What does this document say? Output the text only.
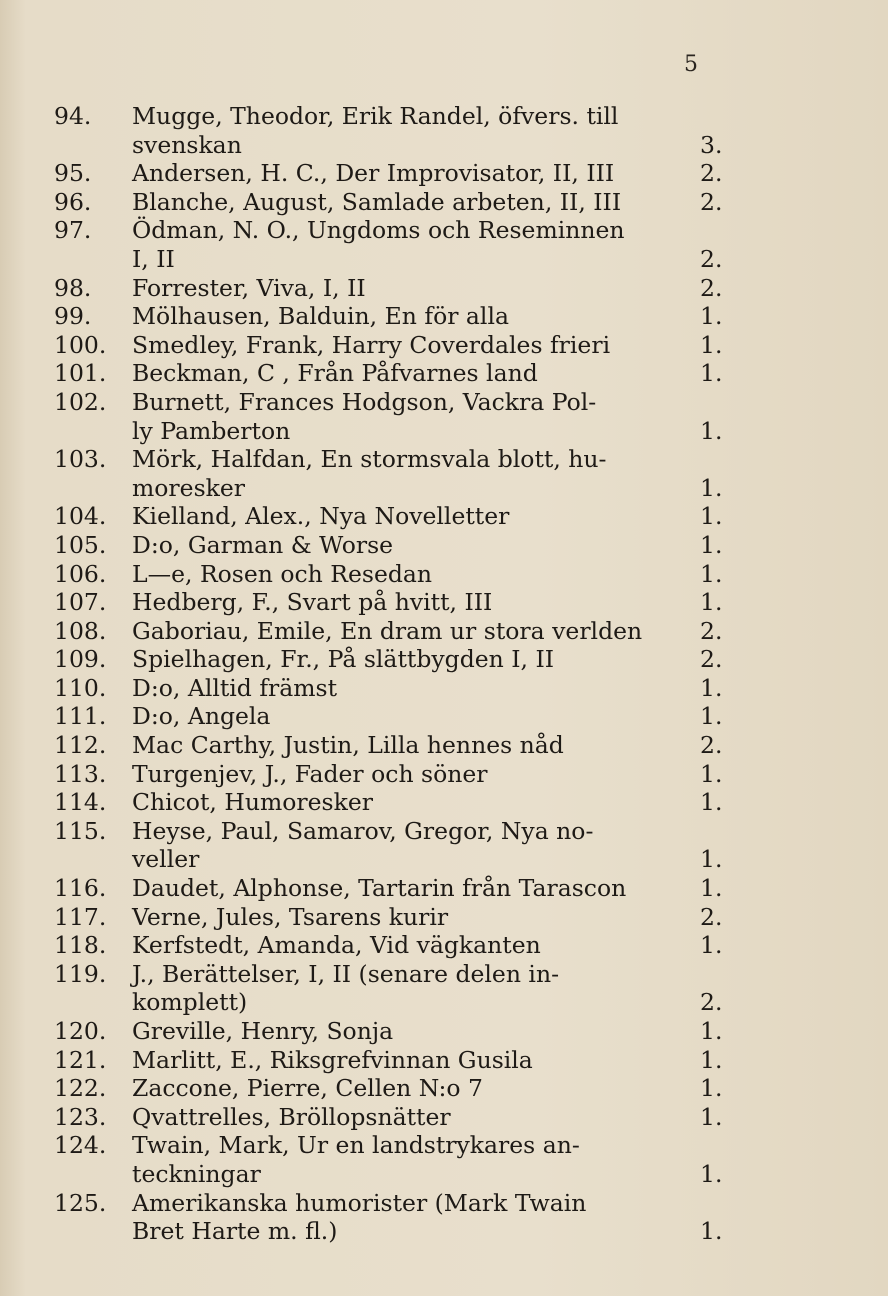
5
94.	Mugge, Theodor, Erik Randel, öfvers. till
svenskan	3.
95.	Andersen, H. C., Der Improvisator, II, III	2.
96.	Blanche, August, Samlade arbeten, II, III	2.
97.	Ödman, N. O., Ungdoms och Reseminnen
I, II	2.
98.	Forrester, Viva, I, II	2.
99.	Mölhausen, Balduin, En för alla	1.
100. Smedley, Frank, Harry Coverdales frieri	1.
101. Beckman, C , Från Påfvarnes land	1.
102. Burnett, Frances Hodgson, Vackra Pol-
ly Pamberton	1.
103. Mörk, Halfdan, En stormsvala blott, hu-
moresker	1.
104. Kielland, Alex., Nya Novelletter	1.
105. D:o, Garman & Worse	1.
106. L—e, Rosen och Resedan	1.
107. Hedberg, F., Svart på hvitt, III	1.
108. Gaboriau, Emile, En dram ur stora verlden	2.
109. Spielhagen, Fr., På slättbygden I, II	2.
110. D:o, Alltid främst	1.
111. D:o, Angela	1.
112. Mac Carthy, Justin, Lilla hennes nåd	2.
113. Turgenjev, J., Fader och söner	1.
114. Chicot, Humoresker	1.
115. Heyse, Paul, Samarov, Gregor, Nya no-
veller	1.
116. Daudet, Alphonse, Tartarin från Tarascon	1.
117. Verne, Jules, Tsarens kurir	2.
118. Kerfstedt, Amanda, Vid vägkanten	1.
119. J., Berättelser, I, II (senare delen in-
komplett)	2.
120. Greville, Henry, Sonja	1.
121. Marlitt, E., Riksgrefvinnan Gusila	1.
122. Zaccone, Pierre, Cellen N:o 7	1.
123. Qvattrelles, Bröllopsnätter	1.
124. Twain, Mark, Ur en landstrykares an-
teckningar	1.
125. Amerikanska humorister (Mark Twain
Bret Harte m. fl.)	1.
